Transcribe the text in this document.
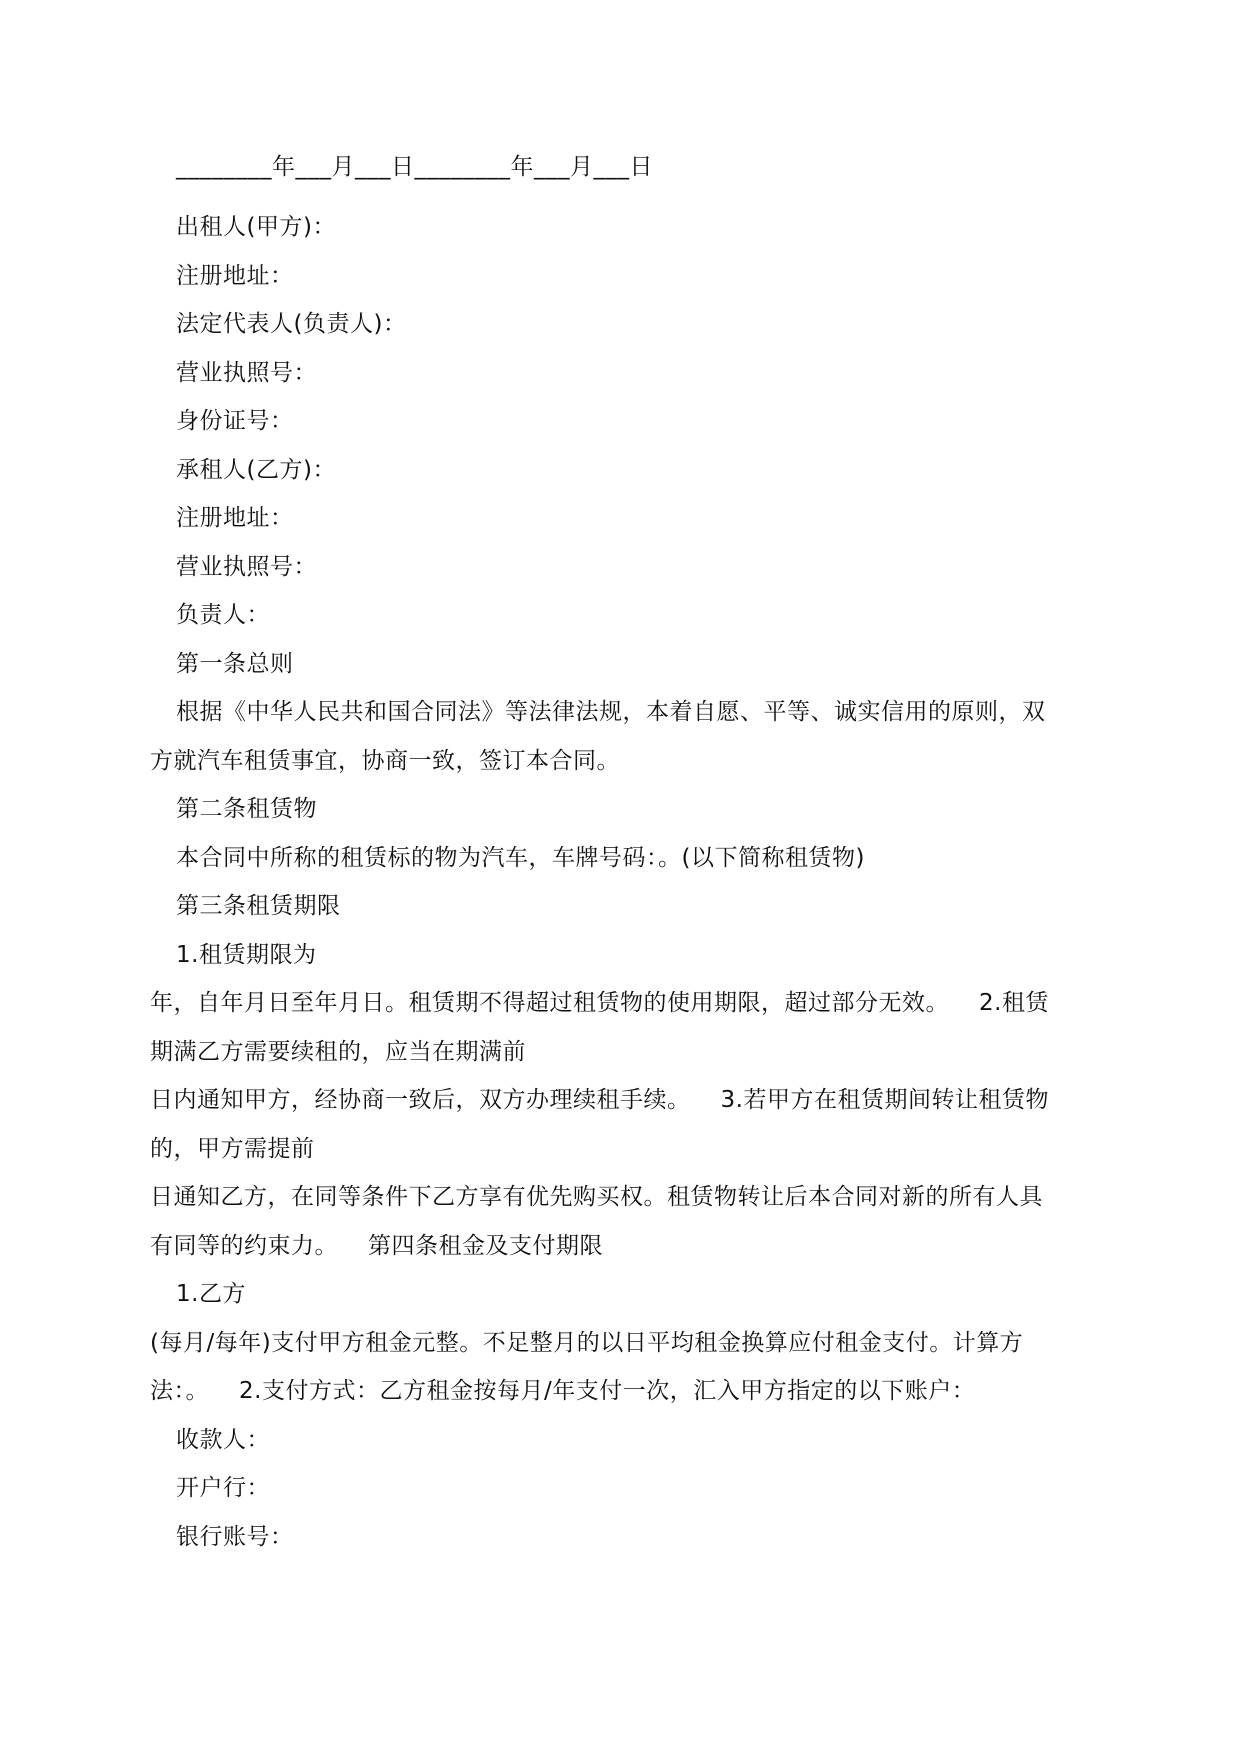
________年___月___日________年___月___日
出租人(甲方)：
注册地址：
法定代表人(负责人)：
营业执照号：
身份证号：
承租人(乙方)：
注册地址：
营业执照号：
负责人：
第一条总则
根据《中华人民共和国合同法》等法律法规，本着自愿、平等、诚实信用的原则，双
方就汽车租赁事宜，协商一致，签订本合同。
第二条租赁物
本合同中所称的租赁标的物为汽车，车牌号码：。(以下简称租赁物)
第三条租赁期限
1.租赁期限为
年，自年月日至年月日。租赁期不得超过租赁物的使用期限，超过部分无效。 2.租赁
期满乙方需要续租的，应当在期满前
日内通知甲方，经协商一致后，双方办理续租手续。 3.若甲方在租赁期间转让租赁物
的，甲方需提前
日通知乙方，在同等条件下乙方享有优先购买权。租赁物转让后本合同对新的所有人具
有同等的约束力。 第四条租金及支付期限
1.乙方
(每月/每年)支付甲方租金元整。不足整月的以日平均租金换算应付租金支付。计算方
法：。 2.支付方式：乙方租金按每月/年支付一次，汇入甲方指定的以下账户：
收款人：
开户行：
银行账号：
